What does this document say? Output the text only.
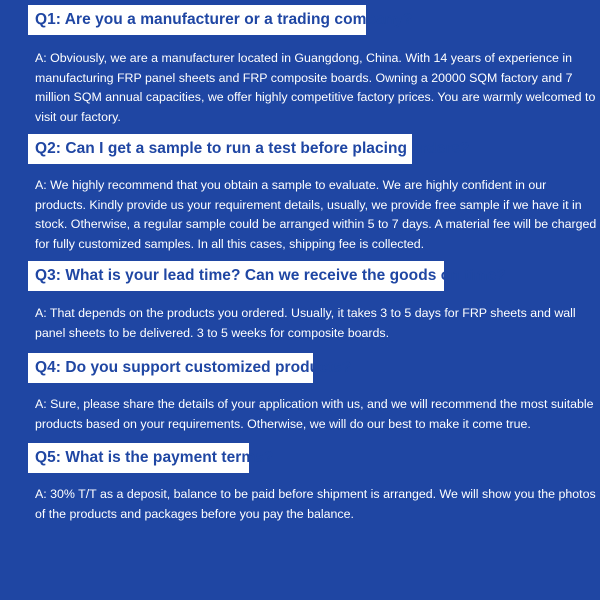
Q1: Are you a manufacturer or a trading company?
A: Obviously, we are a manufacturer located in Guangdong, China. With 14 years of experience in
manufacturing FRP panel sheets and FRP composite boards. Owning a 20000 SQM factory and 7
million SQM annual capacities, we offer highly competitive factory prices. You are warmly welcomed to
visit our factory.
Q2: Can I get a sample to run a test before placing orders?
A: We highly recommend that you obtain a sample to evaluate. We are highly confident in our
products. Kindly provide us your requirement details, usually, we provide free sample if we have it in
stock. Otherwise, a regular sample could be arranged within 5 to 7 days. A material fee will be charged
for fully customized samples. In all this cases, shipping fee is collected.
Q3: What is your lead time? Can we receive the goods on time?
A: That depends on the products you ordered. Usually, it takes 3 to 5 days for FRP sheets and wall
panel sheets to be delivered. 3 to 5 weeks for composite boards.
Q4: Do you support customized products?
A: Sure, please share the details of your application with us, and we will recommend the most suitable
products based on your requirements. Otherwise, we will do our best to make it come true.
Q5: What is the payment terms?
A: 30% T/T as a deposit, balance to be paid before shipment is arranged. We will show you the photos
of the products and packages before you pay the balance.
